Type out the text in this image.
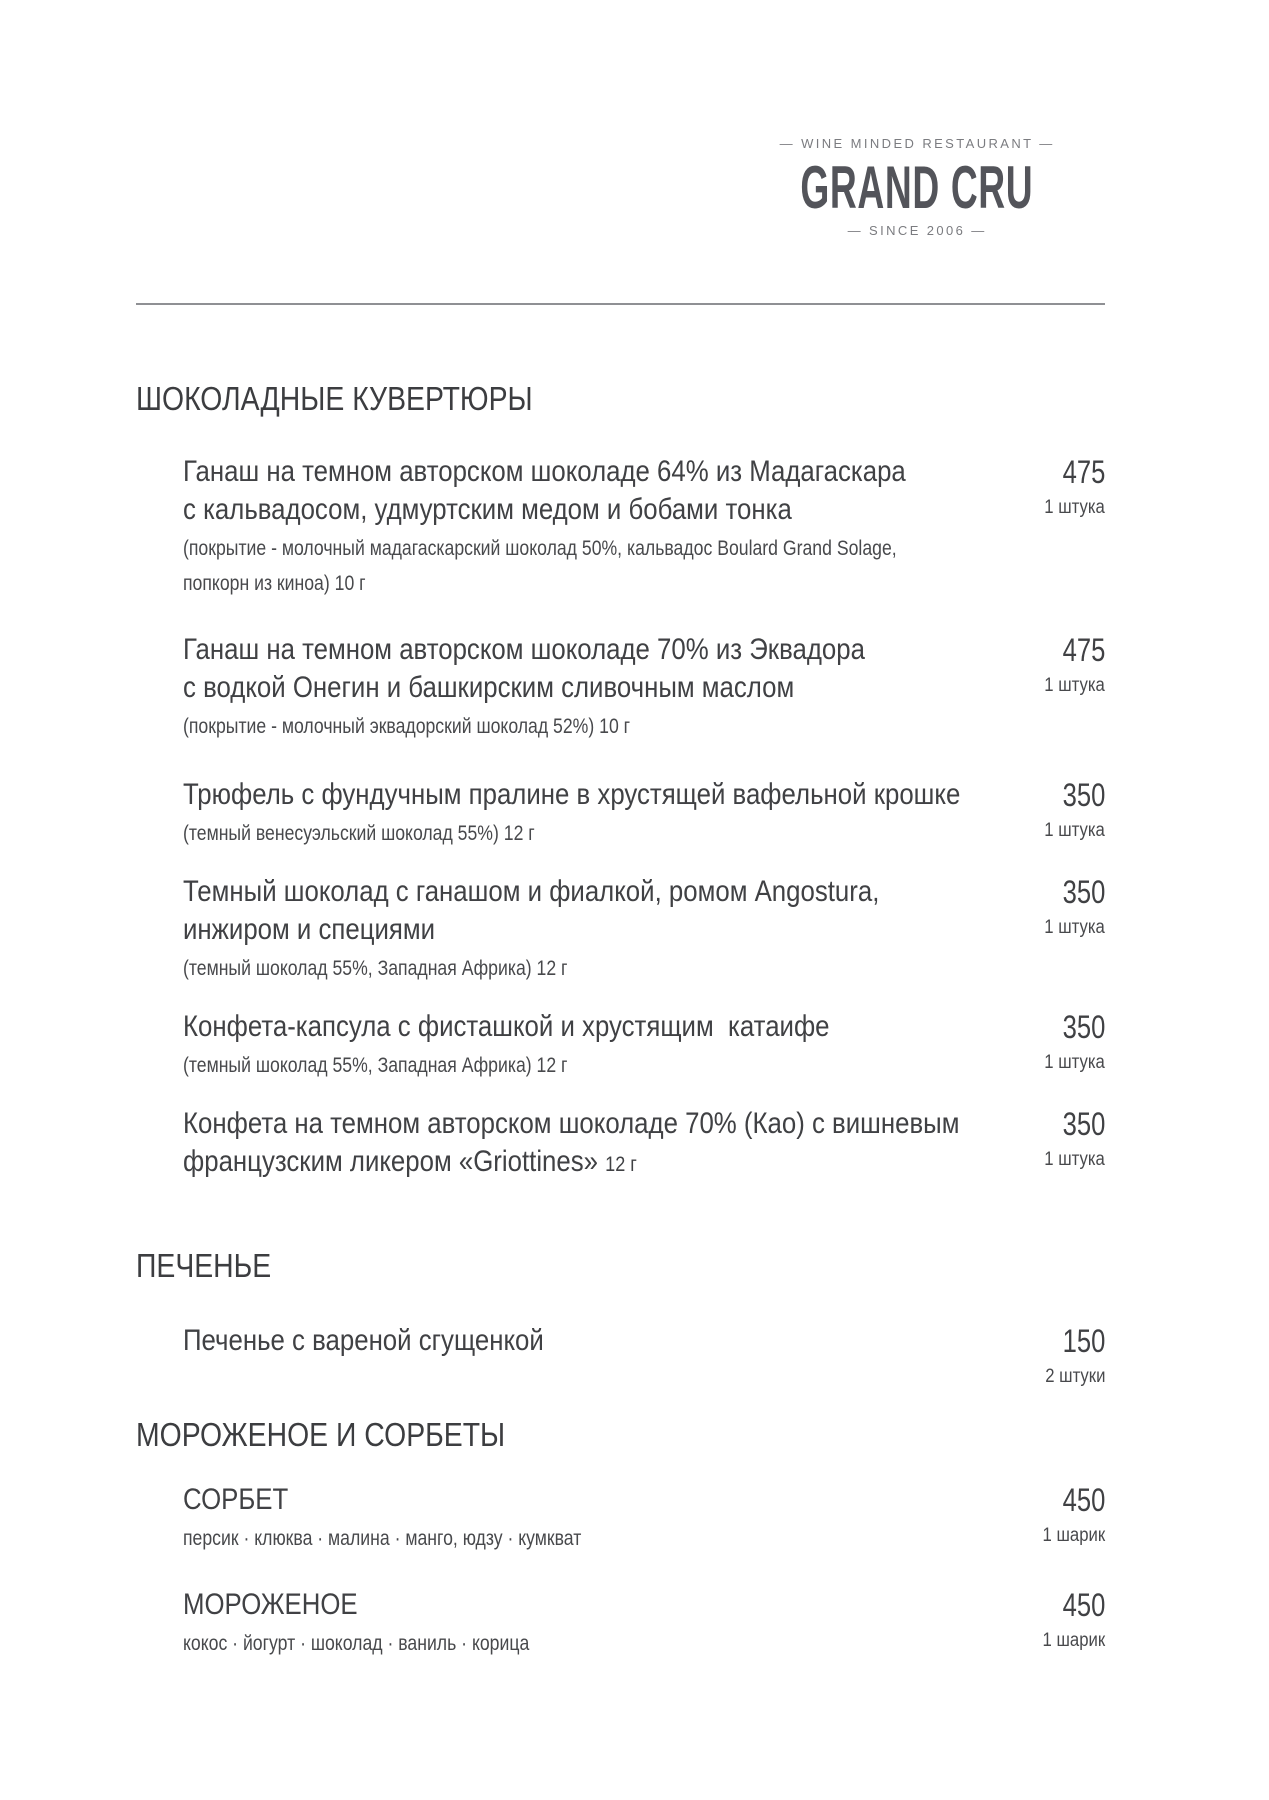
— WINE MINDED RESTAURANT —
GRAND CRU
— SINCE 2006 —
ШОКОЛАДНЫЕ КУВЕРТЮРЫ
Ганаш на темном авторском шоколаде 64% из Мадагаскара
с кальвадосом, удмуртским медом и бобами тонка
(покрытие - молочный мадагаскарский шоколад 50%, кальвадос Boulard Grand Solage,
попкорн из киноа) 10 г
475
1 штука
Ганаш на темном авторском шоколаде 70% из Эквадора
с водкой Онегин и башкирским сливочным маслом
(покрытие - молочный эквадорский шоколад 52%) 10 г
475
1 штука
Трюфель с фундучным пралине в хрустящей вафельной крошке
(темный венесуэльский шоколад 55%) 12 г
350
1 штука
Темный шоколад с ганашом и фиалкой, ромом Angostura,
инжиром и специями
(темный шоколад 55%, Западная Африка) 12 г
350
1 штука
Конфета-капсула с фисташкой и хрустящим  катаифе
(темный шоколад 55%, Западная Африка) 12 г
350
1 штука
Конфета на темном авторском шоколаде 70% (Као) с вишневым
французским ликером «Griottines» 12 г
350
1 штука
ПЕЧЕНЬЕ
Печенье с вареной сгущенкой	150
2 штуки
МОРОЖЕНОЕ И СОРБЕТЫ
СОРБЕТ
персик · клюква · малина · манго, юдзу · кумкват
450
1 шарик
МОРОЖЕНОЕ
кокос · йогурт · шоколад · ваниль · корица
450
1 шарик
